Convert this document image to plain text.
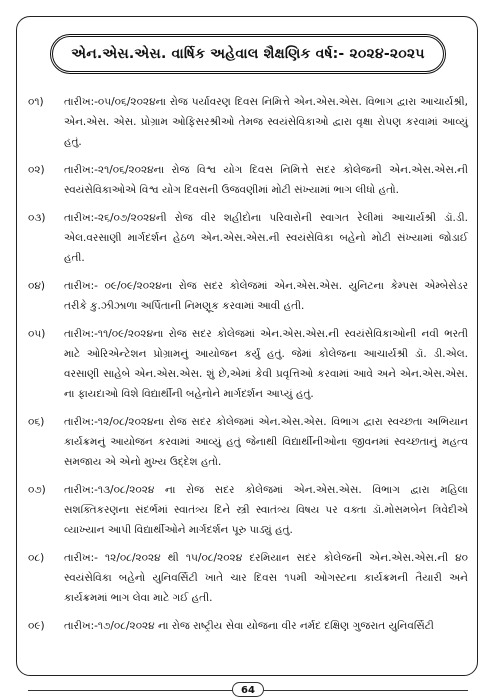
એન.એસ.એસ. વાર્ષિક અહેવાલ શૈક્ષણિક વર્ષ:- ૨૦૨૪-૨૦૨૫
૦૧)	તારીખ:-૦૫/૦૬/૨૦૨૪ના રોજ પર્યાવરણ દિવસ નિમિત્તે એન.એસ.એસ. વિભાગ દ્વારા આચાર્યશ્રી, એન.એસ. એસ. પ્રોગ્રામ ઓફિસરશ્રીઓ તેમજ સ્વયંસેવિકાઓ દ્વારા વૃક્ષા રોપણ કરવામાં આવ્યું હતું.
૦૨)	તારીખ:-૨૧/૦૬/૨૦૨૪ના રોજ વિશ્વ યોગ દિવસ નિમિત્તે સદર કોલેજની એન.એસ.એસ.ની સ્વયંસેવિકાઓએ વિશ્વ યોગ દિવસની ઉજવણીમાં મોટી સંખ્યામાં ભાગ લીધો હતો.
૦૩)	તારીખ:-૨૬/૦૭/૨૦૨૪ની રોજ વીર શહીદોના પરિવારોની સ્વાગત રેલીમાં આચાર્યશ્રી ડૉ.ડી. એલ.વરસાણી માર્ગદર્શન હેઠળ એન.એસ.એસ.ની સ્વયંસેવિકા બહેનો મોટી સંખ્યામાં જોડાઈ હતી.
૦૪)	તારીખ:- ૦૯/૦૯/૨૦૨૪ના રોજ સદર કોલેજમાં એન.એસ.એસ. યુનિટના કેમ્પસ એમ્બેસેડર તરીકે કુ.ઝીઝાળા અર્પિતાની નિમણૂક કરવામાં આવી હતી.
૦૫)	તારીખ:-૧૧/૦૯/૨૦૨૪ના રોજ સદર કોલેજમાં એન.એસ.એસ.ની સ્વયંસેવિકાઓની નવી ભરતી માટે ઓરિએન્ટેશન પ્રોગ્રામનું આયોજન કર્યું હતું. જેમાં કોલેજના આચાર્યશ્રી ડૉ. ડી.એલ. વરસાણી સાહેબે એન.એસ.એસ. શું છે,એમાં કેવી પ્રવૃત્તિઓ કરવામાં આવે અને એન.એસ.એસ. ના ફાયદાઓ વિશે વિદ્યાર્થીની બહેનોને માર્ગદર્શન આપ્યું હતું.
૦૬)	તારીખ:-૧૨/૦૮/૨૦૨૪ના રોજ સદર કોલેજમાં એન.એસ.એસ. વિભાગ દ્વારા સ્વચ્છતા અભિયાન કાર્યક્રમનું આયોજન કરવામાં આવ્યું હતું જેનાથી વિદ્યાર્થીનીઓના જીવનમાં સ્વચ્છતાનું મહત્વ સમજાય એ એનો મુખ્ય ઉદ્દેશ હતો.
૦૭)	તારીખ:-૧૩/૦૮/૨૦૨૪ ના રોજ સદર કોલેજમાં એન.એસ.એસ. વિભાગ દ્વારા મહિલા સશક્તિકરણના સંદર્ભમાં સ્વાતંત્ર્ય દિને સ્ત્રી સ્વાતંત્ર્ય વિષય પર વક્તા ડૉ.મોસમબેન ત્રિવેદીએ વ્યાખ્યાન આપી વિદ્યાર્થીઓને માર્ગદર્શન પૂરુ પાડ્યું હતું.
૦૮)	તારીખ:- ૧૨/૦૮/૨૦૨૪ થી ૧૫/૦૮/૨૦૨૪ દરમિયાન સદર કોલેજની એન.એસ.એસ.ની ૪૦ સ્વયંસેવિકા બહેનો યુનિવર્સિટી ખાતે ચાર દિવસ ૧૫મી ઓગસ્ટના કાર્યક્રમની તૈયારી અને કાર્યક્રમમાં ભાગ લેવા માટે ગઈ હતી.
૦૯)	તારીખ:-૧૭/૦૮/૨૦૨૪ ના રોજ રાષ્ટ્રીય સેવા યોજના વીર નર્મદ દક્ષિણ ગુજરાત યુનિવર્સિટી
64
